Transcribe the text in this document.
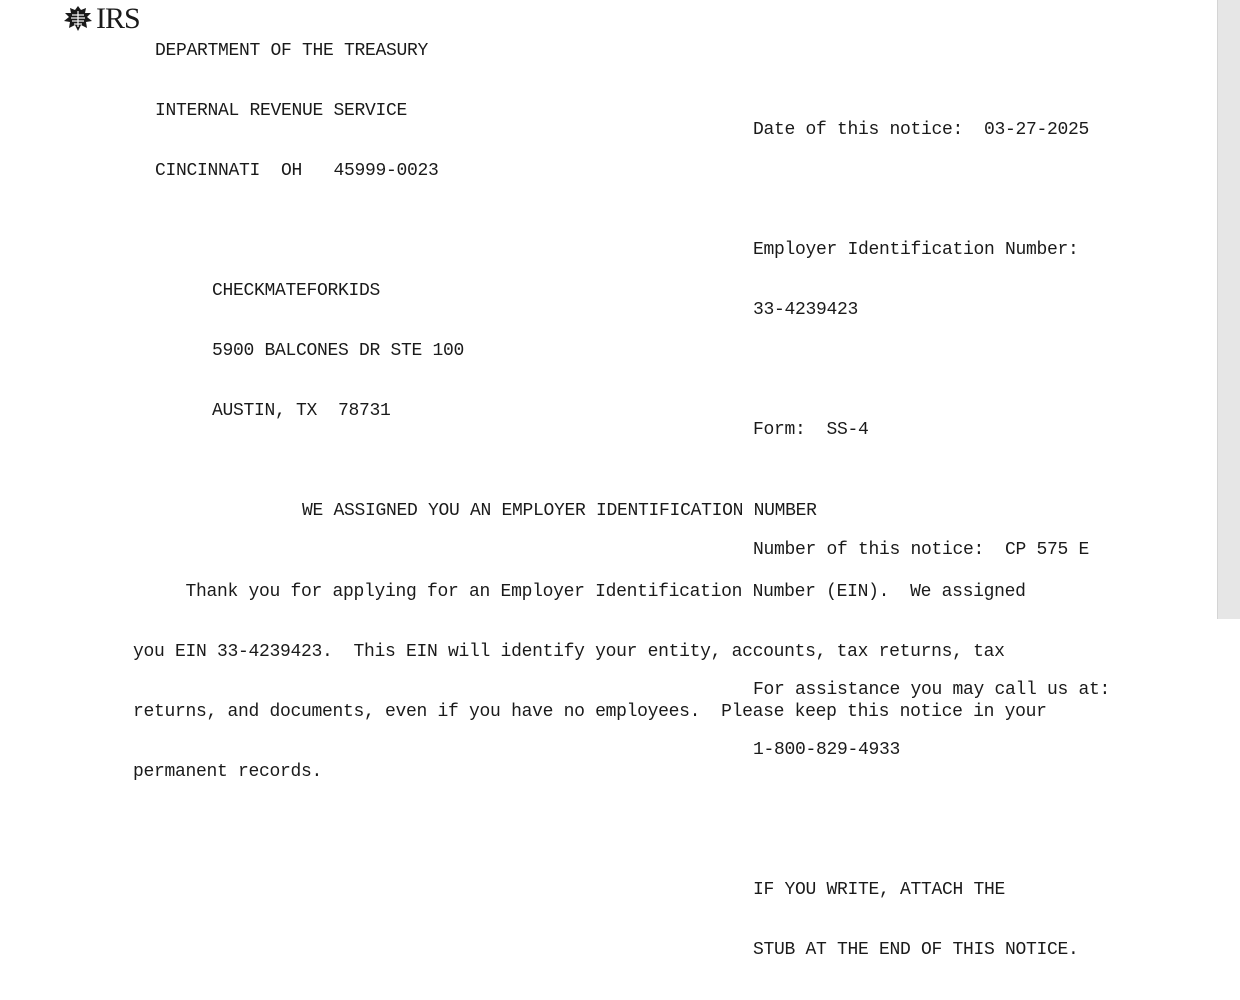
IRS

DEPARTMENT OF THE TREASURY

INTERNAL REVENUE SERVICE

CINCINNATI  OH   45999-0023

Date of this notice:  03-27-2025

Employer Identification Number:

33-4239423

Form:  SS-4

Number of this notice:  CP 575 E

For assistance you may call us at:

1-800-829-4933

IF YOU WRITE, ATTACH THE

STUB AT THE END OF THIS NOTICE.

CHECKMATEFORKIDS

5900 BALCONES DR STE 100

AUSTIN, TX  78731

WE ASSIGNED YOU AN EMPLOYER IDENTIFICATION NUMBER

Thank you for applying for an Employer Identification Number (EIN).  We assigned

you EIN 33-4239423.  This EIN will identify your entity, accounts, tax returns, tax

returns, and documents, even if you have no employees.  Please keep this notice in your

permanent records.
